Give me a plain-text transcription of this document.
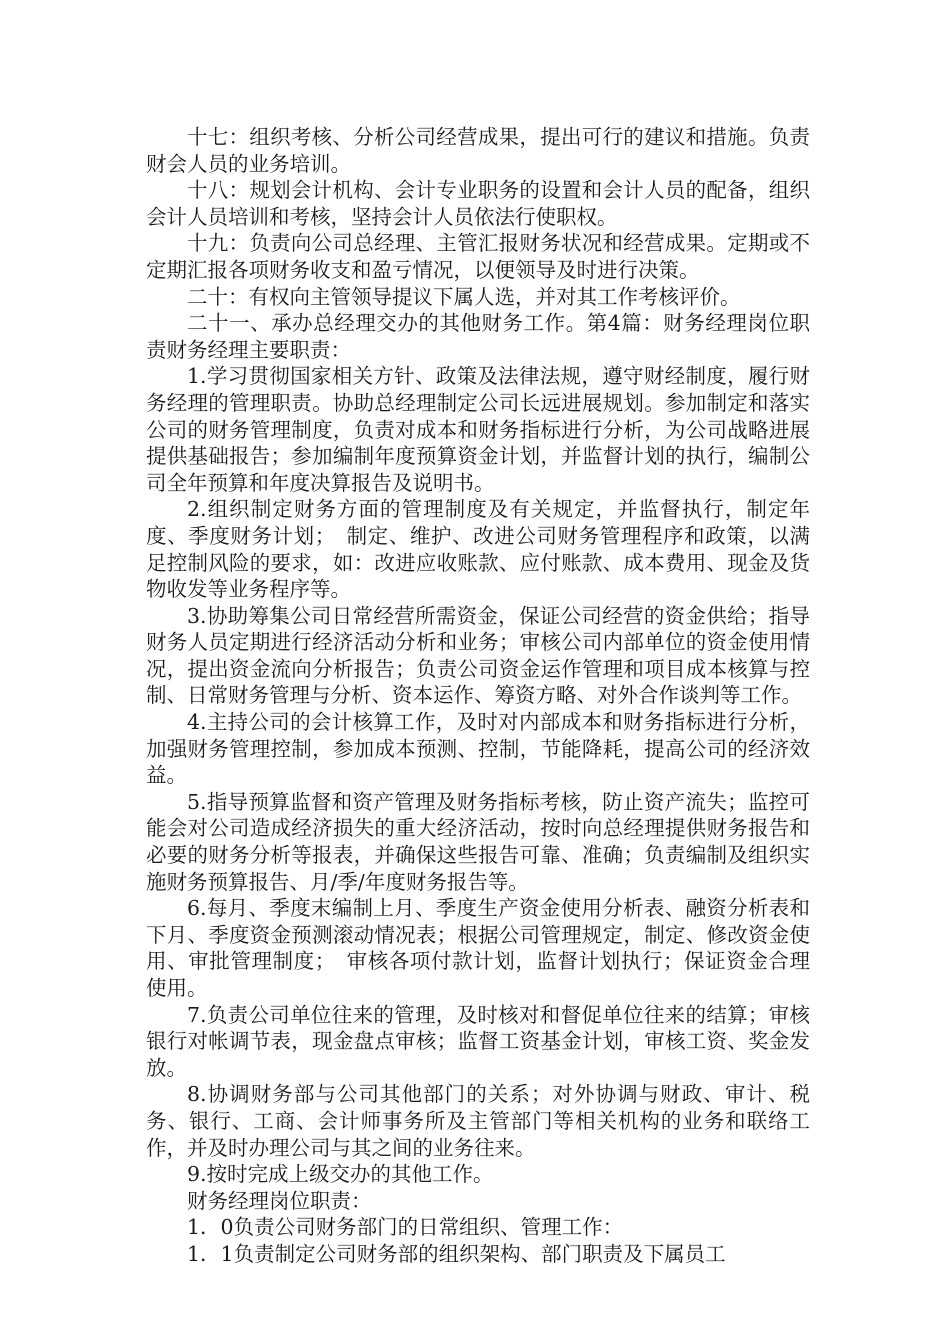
十七：组织考核、分析公司经营成果，提出可行的建议和措施。负责财会人员的业务培训。

十八：规划会计机构、会计专业职务的设置和会计人员的配备，组织会计人员培训和考核，坚持会计人员依法行使职权。

十九：负责向公司总经理、主管汇报财务状况和经营成果。定期或不定期汇报各项财务收支和盈亏情况，以便领导及时进行决策。

二十：有权向主管领导提议下属人选，并对其工作考核评价。

二十一、承办总经理交办的其他财务工作。第4篇：财务经理岗位职责财务经理主要职责：

1.学习贯彻国家相关方针、政策及法律法规，遵守财经制度，履行财务经理的管理职责。协助总经理制定公司长远进展规划。参加制定和落实公司的财务管理制度，负责对成本和财务指标进行分析，为公司战略进展提供基础报告；参加编制年度预算资金计划，并监督计划的执行，编制公司全年预算和年度决算报告及说明书。

2.组织制定财务方面的管理制度及有关规定，并监督执行，制定年度、季度财务计划；　制定、维护、改进公司财务管理程序和政策，以满足控制风险的要求，如：改进应收账款、应付账款、成本费用、现金及货物收发等业务程序等。

3.协助筹集公司日常经营所需资金，保证公司经营的资金供给；指导财务人员定期进行经济活动分析和业务；审核公司内部单位的资金使用情况，提出资金流向分析报告；负责公司资金运作管理和项目成本核算与控制、日常财务管理与分析、资本运作、筹资方略、对外合作谈判等工作。

4.主持公司的会计核算工作，及时对内部成本和财务指标进行分析，加强财务管理控制，参加成本预测、控制，节能降耗，提高公司的经济效益。

5.指导预算监督和资产管理及财务指标考核，防止资产流失；监控可能会对公司造成经济损失的重大经济活动，按时向总经理提供财务报告和必要的财务分析等报表，并确保这些报告可靠、准确；负责编制及组织实施财务预算报告、月/季/年度财务报告等。

6.每月、季度末编制上月、季度生产资金使用分析表、融资分析表和下月、季度资金预测滚动情况表；根据公司管理规定，制定、修改资金使用、审批管理制度；　审核各项付款计划，监督计划执行；保证资金合理使用。

7.负责公司单位往来的管理，及时核对和督促单位往来的结算；审核银行对帐调节表，现金盘点审核；监督工资基金计划，审核工资、奖金发放。

8.协调财务部与公司其他部门的关系；对外协调与财政、审计、税务、银行、工商、会计师事务所及主管部门等相关机构的业务和联络工作，并及时办理公司与其之间的业务往来。

9.按时完成上级交办的其他工作。

财务经理岗位职责：

1．0负责公司财务部门的日常组织、管理工作：

1．1负责制定公司财务部的组织架构、部门职责及下属员工
